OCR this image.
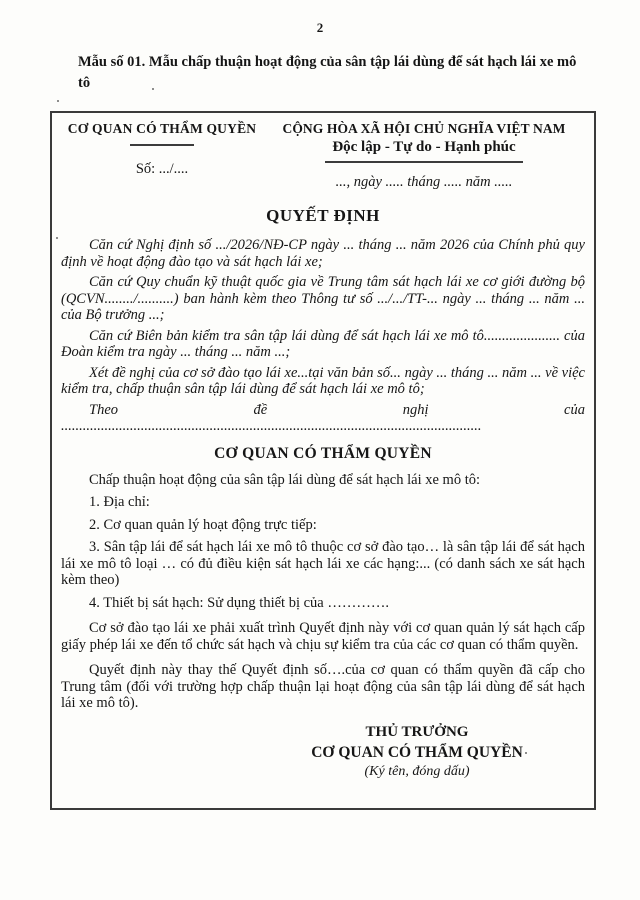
2
Mẫu số 01. Mẫu chấp thuận hoạt động của sân tập lái dùng để sát hạch lái xe mô tô
CƠ QUAN CÓ THẨM QUYỀN
Số: .../....
CỘNG HÒA XÃ HỘI CHỦ NGHĨA VIỆT NAM
Độc lập - Tự do - Hạnh phúc
..., ngày ..... tháng ..... năm .....
QUYẾT ĐỊNH

Căn cứ Nghị định số .../2026/NĐ-CP ngày ... tháng ... năm 2026 của Chính phủ quy định về hoạt động đào tạo và sát hạch lái xe;

Căn cứ Quy chuẩn kỹ thuật quốc gia về Trung tâm sát hạch lái xe cơ giới đường bộ (QCVN......../..........) ban hành kèm theo Thông tư số .../.../TT-... ngày ... tháng ... năm ... của Bộ trưởng ...;

Căn cứ Biên bản kiểm tra sân tập lái dùng để sát hạch lái xe mô tô..................... của Đoàn kiểm tra ngày ... tháng ... năm ...;

Xét đề nghị của cơ sở đào tạo lái xe...tại văn bản số... ngày ... tháng ... năm ... về việc kiểm tra, chấp thuận sân tập lái dùng để sát hạch lái xe mô tô;

Theo đề nghị của ....................................................................................................................

CƠ QUAN CÓ THẨM QUYỀN

Chấp thuận hoạt động của sân tập lái dùng để sát hạch lái xe mô tô:

1. Địa chỉ:

2. Cơ quan quản lý hoạt động trực tiếp:

3. Sân tập lái để sát hạch lái xe mô tô thuộc cơ sở đào tạo… là sân tập lái để sát hạch lái xe mô tô loại … có đủ điều kiện sát hạch lái xe các hạng:... (có danh sách xe sát hạch kèm theo)

4. Thiết bị sát hạch: Sử dụng thiết bị của ………….

Cơ sở đào tạo lái xe phải xuất trình Quyết định này với cơ quan quản lý sát hạch cấp giấy phép lái xe đến tổ chức sát hạch và chịu sự kiểm tra của các cơ quan có thẩm quyền.

Quyết định này thay thế Quyết định số….của cơ quan có thẩm quyền đã cấp cho Trung tâm (đối với trường hợp chấp thuận lại hoạt động của sân tập lái dùng để sát hạch lái xe mô tô).

THỦ TRƯỞNG
CƠ QUAN CÓ THẨM QUYỀN
(Ký tên, đóng dấu)
